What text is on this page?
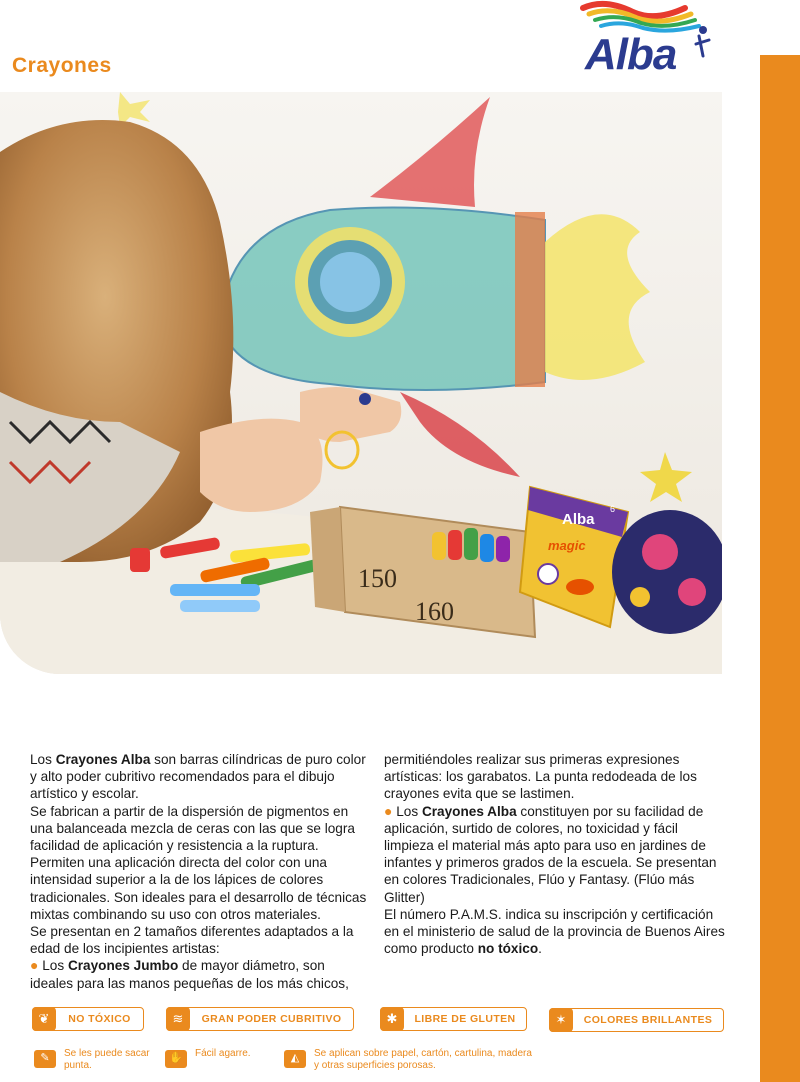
Crayones	Alba
150
160
Alba
6
magic

Los Crayones Alba son barras cilíndricas de puro color y alto poder cubritivo recomendados para el dibujo artístico y escolar.

Se fabrican a partir de la dispersión de pigmentos en una balanceada mezcla de ceras con las que se logra facilidad de aplicación y resistencia a la ruptura.

Permiten una aplicación directa del color con una intensidad superior a la de los lápices de colores tradicionales. Son ideales para el desarrollo de técnicas mixtas combinando su uso con otros materiales.

Se presentan en 2 tamaños diferentes adaptados a la edad de los incipientes artistas:

● Los Crayones Jumbo de mayor diámetro, son ideales para las manos pequeñas de los más chicos,

permitiéndoles realizar sus primeras expresiones artísticas: los garabatos. La punta redodeada de los crayones evita que se lastimen.

● Los Crayones Alba constituyen por su facilidad de aplicación, surtido de colores, no toxicidad y fácil limpieza el material más apto para uso en jardines de infantes y primeros grados de la escuela. Se presentan en colores Tradicionales, Flúo y Fantasy. (Flúo más Glitter)

El número P.A.M.S. indica su inscripción y certificación en el ministerio de salud de la provincia de Buenos Aires como producto no tóxico.

❦	NO TÓXICO	≋	GRAN PODER CUBRITIVO	✱	LIBRE DE GLUTEN	✶	COLORES BRILLANTES
✎	Se les puede sacar punta.
✋	Fácil agarre.	◭	Se aplican sobre papel, cartón, cartulina, madera y otras superficies porosas.
